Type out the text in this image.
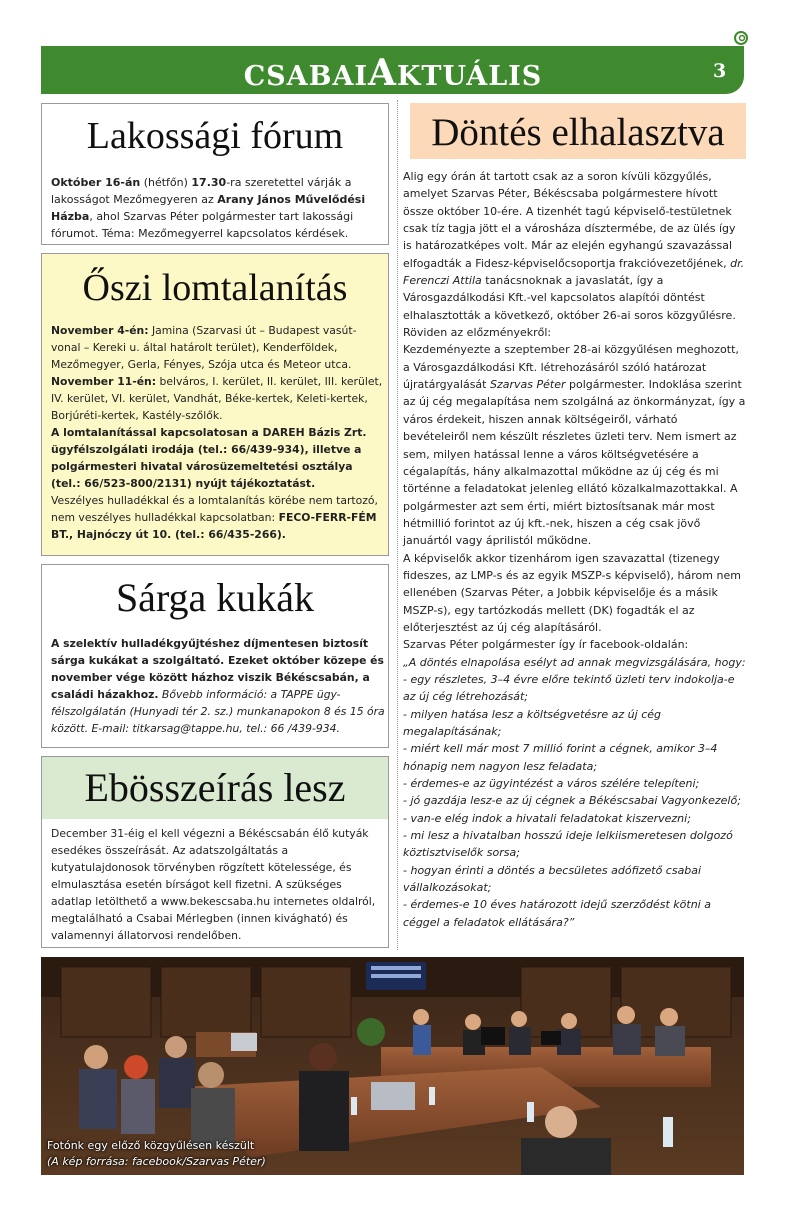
CSABAIAKTUÁLIS	3
Lakossági fórum

Október 16-án (hétfőn) 17.30-ra szeretettel várják a lakosságot Mezőmegyeren az Arany János Művelődési Házba, ahol Szarvas Péter polgármester tart lakossági fórumot. Téma: Mezőmegyerrel kapcsolatos kérdések.

Őszi lomtalanítás

November 4-én: Jamina (Szarvasi út – Budapest vasút-vonal – Kereki u. által határolt terület), Kenderföldek, Mezőmegyer, Gerla, Fényes, Szója utca és Meteor utca.

November 11-én: belváros, I. kerület, II. kerület, III. kerület, IV. kerület, VI. kerület, Vandhát, Béke-kertek, Keleti-kertek, Borjúréti-kertek, Kastély-szőlők.

A lomtalanítással kapcsolatosan a DAREH Bázis Zrt. ügyfélszolgálati irodája (tel.: 66/439-934), illetve a polgármesteri hivatal városüzemeltetési osztálya (tel.: 66/523-800/2131) nyújt tájékoztatást.

Veszélyes hulladékkal és a lomtalanítás körébe nem tartozó, nem veszélyes hulladékkal kapcsolatban: FECO-FERR-FÉM BT., Hajnóczy út 10. (tel.: 66/435-266).

Sárga kukák

A szelektív hulladékgyűjtéshez díjmentesen biztosít sárga kukákat a szolgáltató. Ezeket október közepe és november vége között házhoz viszik Békéscsabán, a családi házakhoz. Bővebb információ: a TAPPE ügy-félszolgálatán (Hunyadi tér 2. sz.) munkanapokon 8 és 15 óra között. E-mail: titkarsag@tappe.hu, tel.: 66 /439-934.

Ebösszeírás lesz

December 31-éig el kell végezni a Békéscsabán élő kutyák esedékes összeírását. Az adatszolgáltatás a kutyatulajdonosok törvényben rögzített kötelessége, és elmulasztása esetén bírságot kell fizetni. A szükséges adatlap letölthető a www.bekescsaba.hu internetes oldalról, megtalálható a Csabai Mérlegben (innen kivágható) és valamennyi állatorvosi rendelőben.

Döntés elhalasztva

Alig egy órán át tartott csak az a soron kívüli közgyűlés, amelyet Szarvas Péter, Békéscsaba polgármestere hívott össze október 10-ére. A tizenhét tagú képviselő-testületnek csak tíz tagja jött el a városháza dísztermébe, de az ülés így is határozatképes volt. Már az elején egyhangú szavazással elfogadták a Fidesz-képviselőcsoportja frakcióvezetőjének, dr. Ferenczi Attila tanácsnoknak a javaslatát, így a Városgazdálkodási Kft.-vel kapcsolatos alapítói döntést elhalasztották a következő, október 26-ai soros közgyűlésre.

Röviden az előzményekről:

Kezdeményezte a szeptember 28-ai közgyűlésen meghozott, a Városgazdálkodási Kft. létrehozásáról szóló határozat újratárgyalását Szarvas Péter polgármester. Indoklása szerint az új cég megalapítása nem szolgálná az önkormányzat, így a város érdekeit, hiszen annak költségeiről, várható bevételeiről nem készült részletes üzleti terv. Nem ismert az sem, milyen hatással lenne a város költségvetésére a cégalapítás, hány alkalmazottal működne az új cég és mi történne a feladatokat jelenleg ellátó közalkalmazottakkal. A polgármester azt sem érti, miért biztosítsanak már most hétmillió forintot az új kft.-nek, hiszen a cég csak jövő januártól vagy áprilistól működne.

A képviselők akkor tizenhárom igen szavazattal (tizenegy fideszes, az LMP-s és az egyik MSZP-s képviselő), három nem ellenében (Szarvas Péter, a Jobbik képviselője és a másik MSZP-s), egy tartózkodás mellett (DK) fogadták el az előterjesztést az új cég alapításáról.

Szarvas Péter polgármester így ír facebook-oldalán:

„A döntés elnapolása esélyt ad annak megvizsgálására, hogy:

- egy részletes, 3–4 évre előre tekintő üzleti terv indokolja-e az új cég létrehozását;

- milyen hatása lesz a költségvetésre az új cég megalapításának;

- miért kell már most 7 millió forint a cégnek, amikor 3–4 hónapig nem nagyon lesz feladata;

- érdemes-e az ügyintézést a város szélére telepíteni;

- jó gazdája lesz-e az új cégnek a Békéscsabai Vagyonkezelő;

- van-e elég indok a hivatali feladatokat kiszervezni;

- mi lesz a hivatalban hosszú ideje lelkiismeretesen dolgozó köztisztviselők sorsa;

- hogyan érinti a döntés a becsületes adófizető csabai vállalkozásokat;

- érdemes-e 10 éves határozott idejű szerződést kötni a céggel a feladatok ellátására?”

Fotónk egy előző közgyűlésen készült
(A kép forrása: facebook/Szarvas Péter)
